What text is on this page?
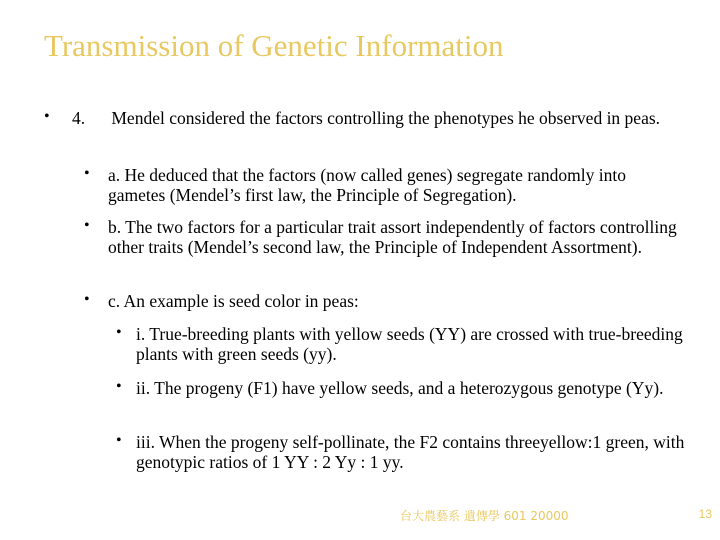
Transmission of Genetic Information
•	4.      Mendel considered the factors controlling the phenotypes he observed in peas.
•	a. He deduced that the factors (now called genes) segregate randomly into gametes (Mendel’s first law, the Principle of Segregation).
•	b. The two factors for a particular trait assort independently of factors controlling other traits (Mendel’s second law, the Principle of Independent Assortment).
•	c. An example is seed color in peas:
• i. True-breeding plants with yellow seeds (YY) are crossed with true-breeding plants with green seeds (yy).
• ii. The progeny (F1) have yellow seeds, and a heterozygous genotype (Yy).
• iii. When the progeny self-pollinate, the F2 contains threeyellow:1 green, with genotypic ratios of 1 YY : 2 Yy : 1 yy.
台大農藝系 遺傳學 601 20000	13
